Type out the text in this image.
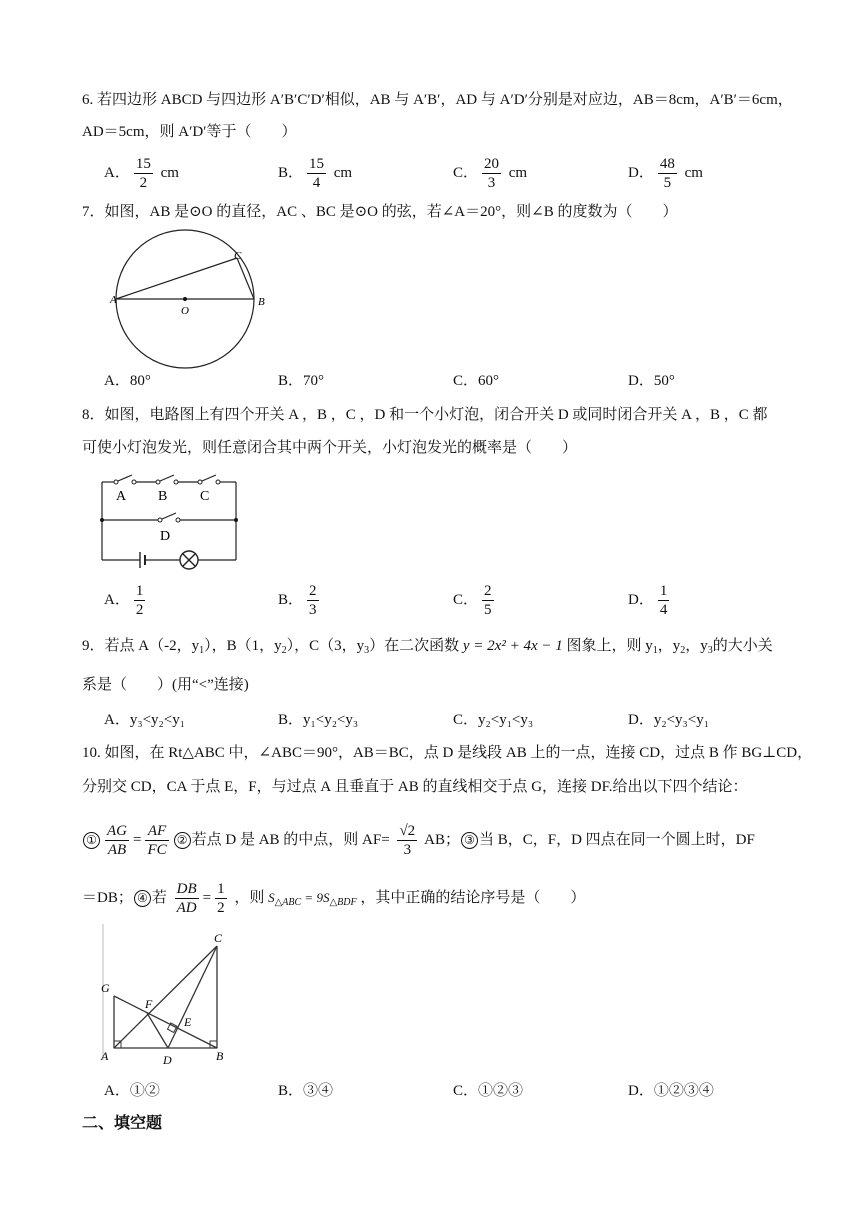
6. 若四边形 ABCD 与四边形 A′B′C′D′相似，AB 与 A′B′，AD 与 A′D′分别是对应边，AB＝8cm，A′B′＝6cm，
AD＝5cm，则 A′D′等于（　　）
A． $\frac{15}{2}$ cm	B． $\frac{15}{4}$ cm	C． $\frac{20}{3}$ cm	D． $\frac{48}{5}$ cm
7．如图，AB 是⊙O 的直径，AC 、BC 是⊙O 的弦，若∠A＝20°，则∠B 的度数为（　　）
A	B
C
O
A．80°	B．70°	C．60°	D．50°
8．如图，电路图上有四个开关 A ，B ，C ，D 和一个小灯泡，闭合开关 D 或同时闭合开关 A ，B ，C 都
可使小灯泡发光，则任意闭合其中两个开关，小灯泡发光的概率是（　　）
A B C
D
A． $\frac{1}{2}$	B． $\frac{2}{3}$	C． $\frac{2}{5}$	D． $\frac{1}{4}$
9．若点 A（-2，$y_1$），B（1，$y_2$），C（3，$y_3$）在二次函数 y = 2x² + 4x − 1 图象上，则 $y_1$，$y_2$，$y_3$的大小关
系是（　　）(用“<”连接)
A．y₃<y₂<y₁	B．y₁<y₂<y₃	C．y₂<y₁<y₃	D．y₂<y₃<y₁
10. 如图，在 Rt△ABC 中，∠ABC＝90°，AB＝BC，点 D 是线段 AB 上的一点，连接 CD，过点 B 作 BG⊥CD，
分别交 CD，CA 于点 E，F，与过点 A 且垂直于 AB 的直线相交于点 G，连接 DF.给出以下四个结论：
① $\frac{AG}{AB} = \frac{AF}{FC}$ ② 若点 D 是 AB 的中点，则 $AF= \frac{√2}{3}$ AB； ③ 当 B，C，F，D 四点在同一个圆上时，DF
＝DB； ④ 若 $\frac{DB}{AD} = \frac{1}{2}$ ，则 $S_{\triangle ABC} = 9S_{\triangle BDF}$ ，其中正确的结论序号是（　　）
G
A	B
C
D
E
F
A．①②	B．③④	C．①②③	D．①②③④
二、填空题
